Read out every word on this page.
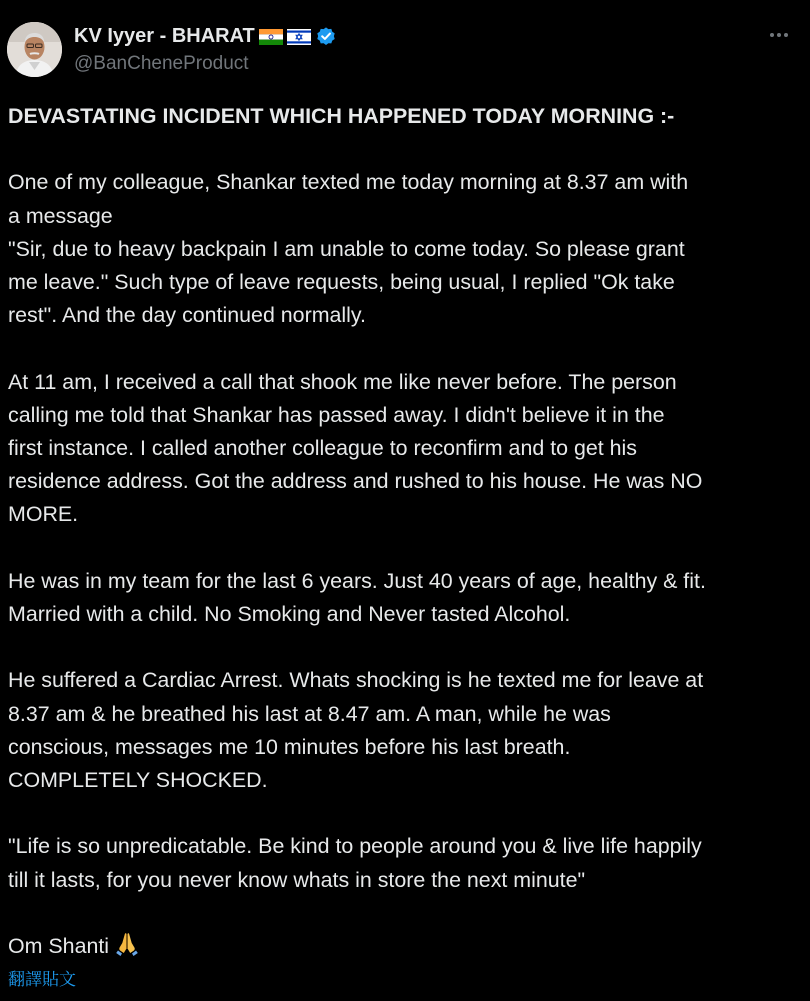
KV Iyyer - BHARAT
@BanCheneProduct

DEVASTATING INCIDENT WHICH HAPPENED TODAY MORNING :-

One of my colleague, Shankar texted me today morning at 8.37 am with
a message
"Sir, due to heavy backpain I am unable to come today. So please grant
me leave." Such type of leave requests, being usual, I replied "Ok take
rest". And the day continued normally.

At 11 am, I received a call that shook me like never before. The person
calling me told that Shankar has passed away. I didn't believe it in the
first instance. I called another colleague to reconfirm and to get his
residence address. Got the address and rushed to his house. He was NO
MORE.

He was in my team for the last 6 years. Just 40 years of age, healthy & fit.
Married with a child. No Smoking and Never tasted Alcohol.

He suffered a Cardiac Arrest. Whats shocking is he texted me for leave at
8.37 am & he breathed his last at 8.47 am. A man, while he was
conscious, messages me 10 minutes before his last breath.
COMPLETELY SHOCKED.

"Life is so unpredicatable. Be kind to people around you & live life happily
till it lasts, for you never know whats in store the next minute"

Om Shanti

翻譯貼文
